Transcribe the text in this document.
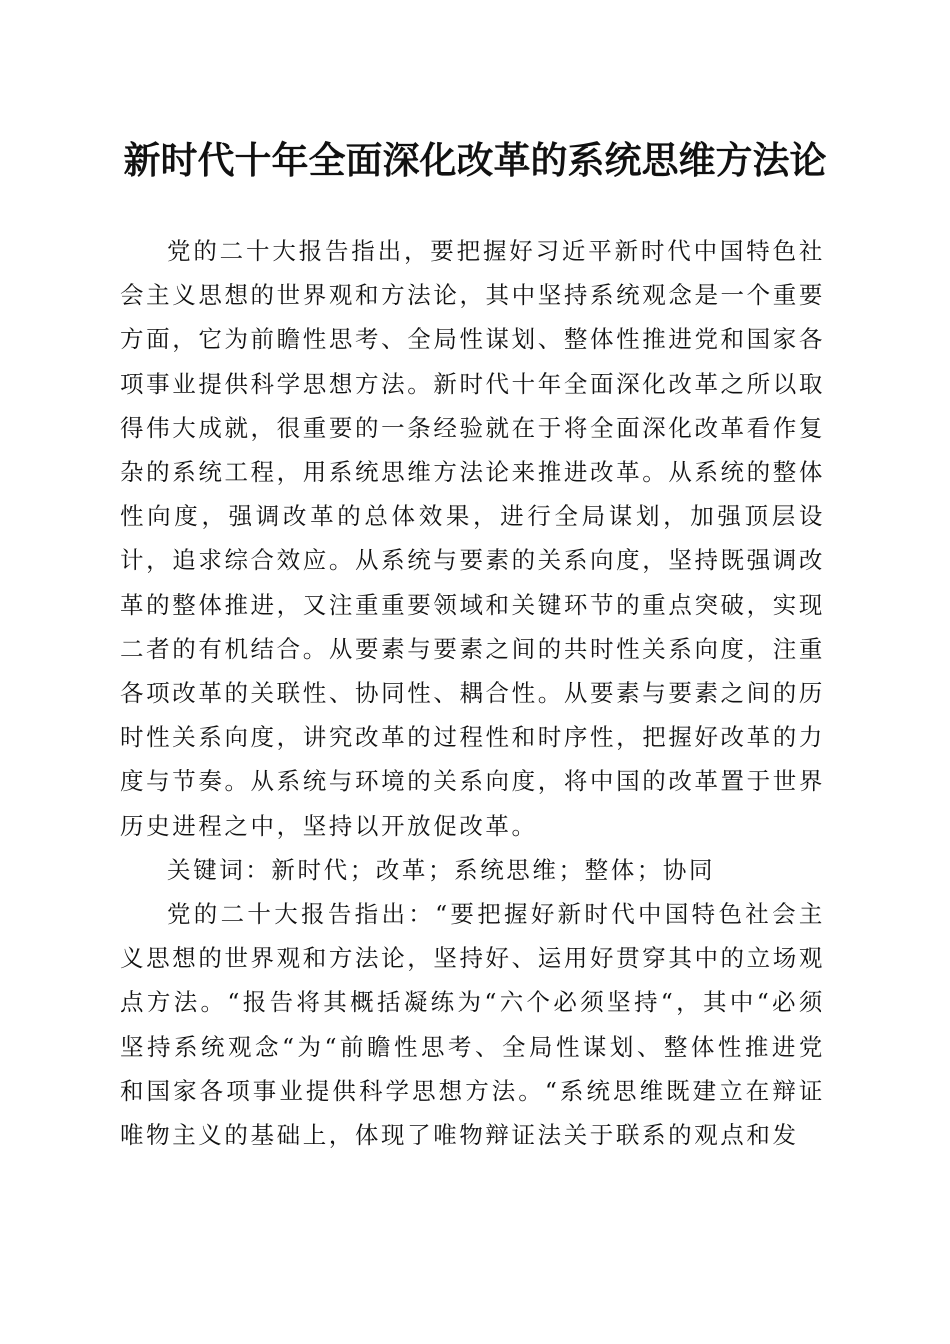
新时代十年全面深化改革的系统思维方法论

党的二十大报告指出，要把握好习近平新时代中国特色社会主义思想的世界观和方法论，其中坚持系统观念是一个重要方面，它为前瞻性思考、全局性谋划、整体性推进党和国家各项事业提供科学思想方法。新时代十年全面深化改革之所以取得伟大成就，很重要的一条经验就在于将全面深化改革看作复杂的系统工程，用系统思维方法论来推进改革。从系统的整体性向度，强调改革的总体效果，进行全局谋划，加强顶层设计，追求综合效应。从系统与要素的关系向度，坚持既强调改革的整体推进，又注重重要领域和关键环节的重点突破，实现二者的有机结合。从要素与要素之间的共时性关系向度，注重各项改革的关联性、协同性、耦合性。从要素与要素之间的历时性关系向度，讲究改革的过程性和时序性，把握好改革的力度与节奏。从系统与环境的关系向度，将中国的改革置于世界历史进程之中，坚持以开放促改革。

关键词：新时代；改革；系统思维；整体；协同

党的二十大报告指出：“要把握好新时代中国特色社会主义思想的世界观和方法论，坚持好、运用好贯穿其中的立场观点方法。“报告将其概括凝练为“六个必须坚持“，其中“必须坚持系统观念“为“前瞻性思考、全局性谋划、整体性推进党和国家各项事业提供科学思想方法。“系统思维既建立在辩证唯物主义的基础上，体现了唯物辩证法关于联系的观点和发
